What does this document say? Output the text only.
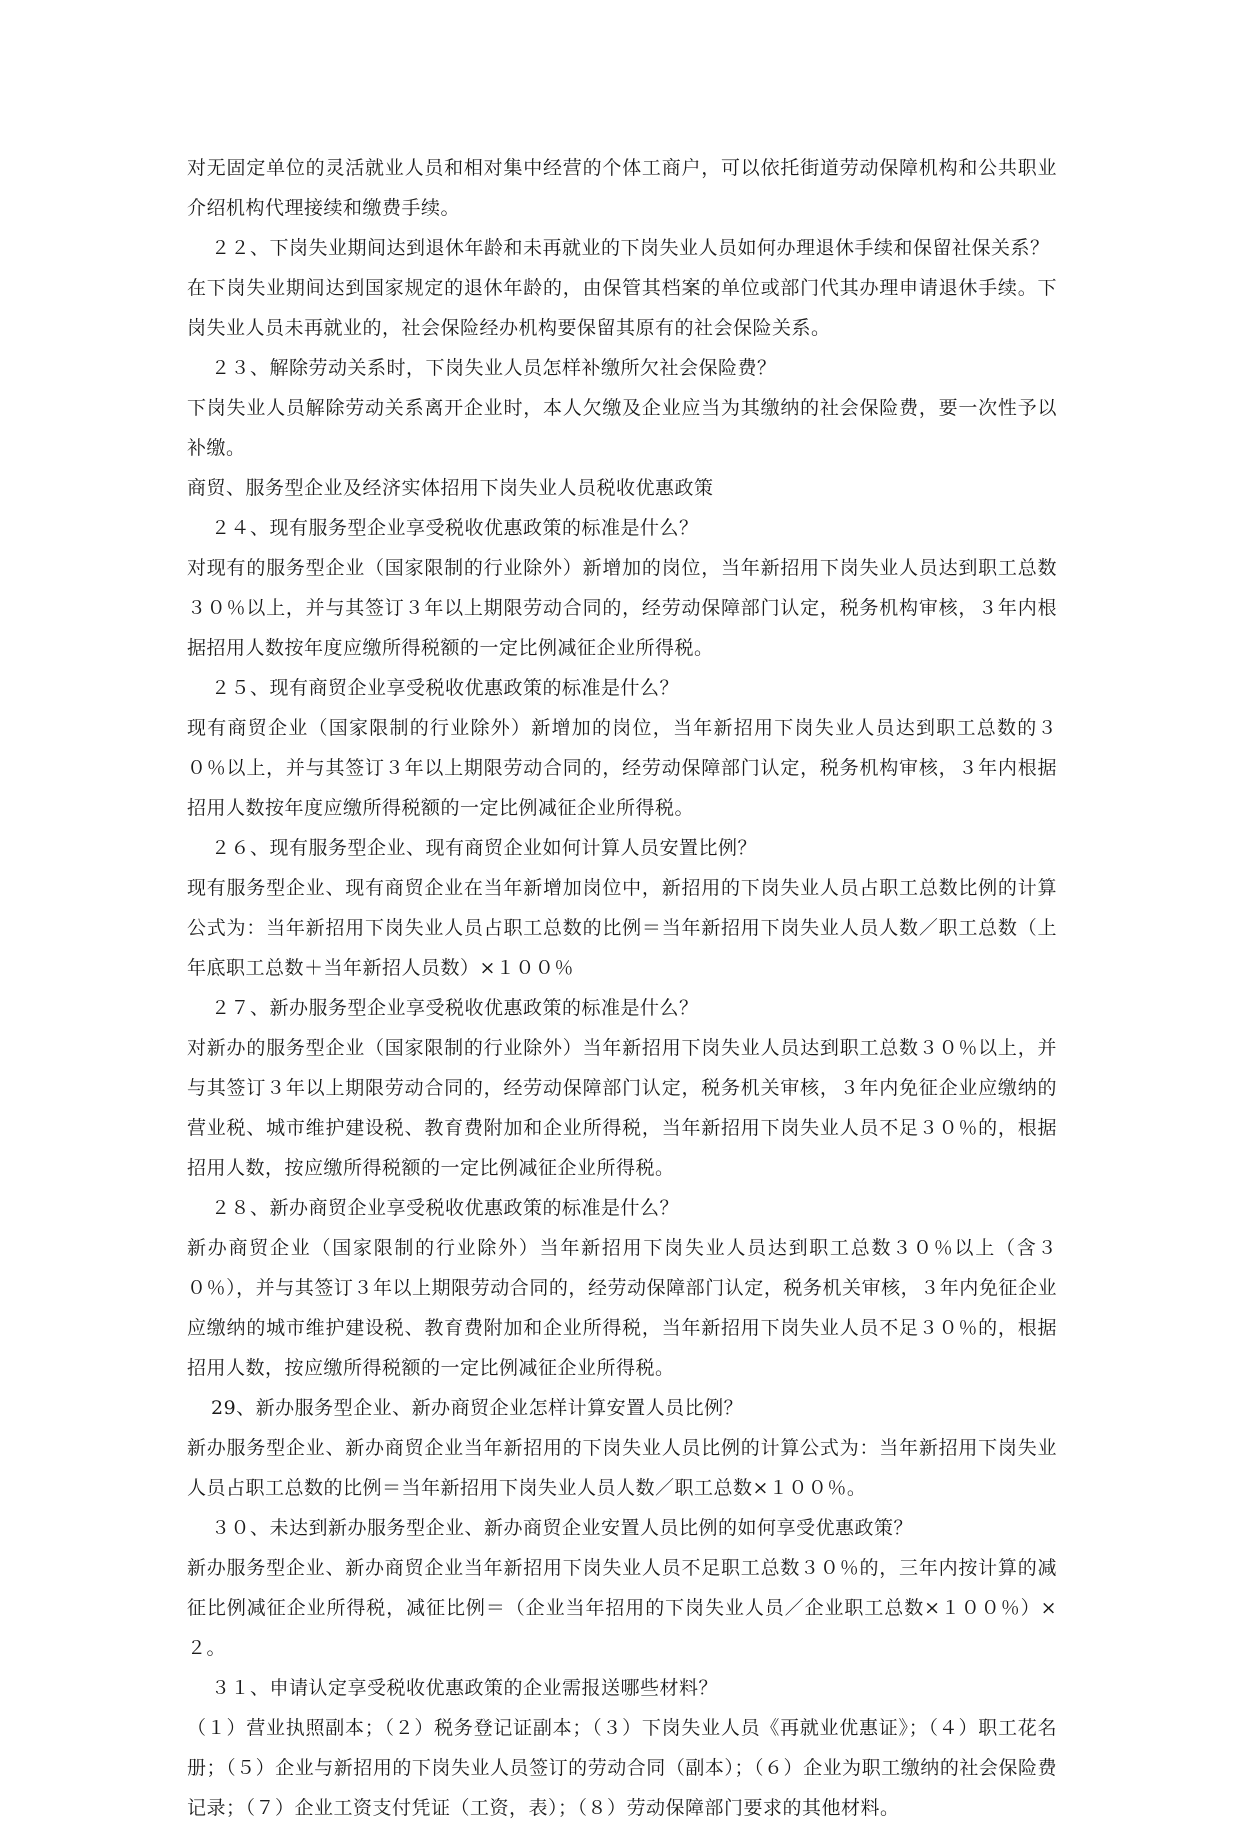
对无固定单位的灵活就业人员和相对集中经营的个体工商户，可以依托街道劳动保障机构和公共职业介绍机构代理接续和缴费手续。

２２、下岗失业期间达到退休年龄和未再就业的下岗失业人员如何办理退休手续和保留社保关系？

在下岗失业期间达到国家规定的退休年龄的，由保管其档案的单位或部门代其办理申请退休手续。下岗失业人员未再就业的，社会保险经办机构要保留其原有的社会保险关系。

２３、解除劳动关系时，下岗失业人员怎样补缴所欠社会保险费？

下岗失业人员解除劳动关系离开企业时，本人欠缴及企业应当为其缴纳的社会保险费，要一次性予以补缴。

商贸、服务型企业及经济实体招用下岗失业人员税收优惠政策

２４、现有服务型企业享受税收优惠政策的标准是什么？

对现有的服务型企业（国家限制的行业除外）新增加的岗位，当年新招用下岗失业人员达到职工总数３０％以上，并与其签订３年以上期限劳动合同的，经劳动保障部门认定，税务机构审核，３年内根据招用人数按年度应缴所得税额的一定比例减征企业所得税。

２５、现有商贸企业享受税收优惠政策的标准是什么？

现有商贸企业（国家限制的行业除外）新增加的岗位，当年新招用下岗失业人员达到职工总数的３０％以上，并与其签订３年以上期限劳动合同的，经劳动保障部门认定，税务机构审核，３年内根据招用人数按年度应缴所得税额的一定比例减征企业所得税。

２６、现有服务型企业、现有商贸企业如何计算人员安置比例？

现有服务型企业、现有商贸企业在当年新增加岗位中，新招用的下岗失业人员占职工总数比例的计算公式为：当年新招用下岗失业人员占职工总数的比例＝当年新招用下岗失业人员人数／职工总数（上年底职工总数＋当年新招人员数）×１００％

２７、新办服务型企业享受税收优惠政策的标准是什么？

对新办的服务型企业（国家限制的行业除外）当年新招用下岗失业人员达到职工总数３０％以上，并与其签订３年以上期限劳动合同的，经劳动保障部门认定，税务机关审核，３年内免征企业应缴纳的营业税、城市维护建设税、教育费附加和企业所得税，当年新招用下岗失业人员不足３０％的，根据招用人数，按应缴所得税额的一定比例减征企业所得税。

２８、新办商贸企业享受税收优惠政策的标准是什么？

新办商贸企业（国家限制的行业除外）当年新招用下岗失业人员达到职工总数３０％以上（含３０％），并与其签订３年以上期限劳动合同的，经劳动保障部门认定，税务机关审核，３年内免征企业应缴纳的城市维护建设税、教育费附加和企业所得税，当年新招用下岗失业人员不足３０％的，根据招用人数，按应缴所得税额的一定比例减征企业所得税。

29、新办服务型企业、新办商贸企业怎样计算安置人员比例？

新办服务型企业、新办商贸企业当年新招用的下岗失业人员比例的计算公式为：当年新招用下岗失业人员占职工总数的比例＝当年新招用下岗失业人员人数／职工总数×１００％。

３０、未达到新办服务型企业、新办商贸企业安置人员比例的如何享受优惠政策？

新办服务型企业、新办商贸企业当年新招用下岗失业人员不足职工总数３０％的，三年内按计算的减征比例减征企业所得税，减征比例＝（企业当年招用的下岗失业人员／企业职工总数×１００％）×２。

３１、申请认定享受税收优惠政策的企业需报送哪些材料？

（１）营业执照副本；（２）税务登记证副本；（３）下岗失业人员《再就业优惠证》；（４）职工花名册；（５）企业与新招用的下岗失业人员签订的劳动合同（副本）；（６）企业为职工缴纳的社会保险费记录；（７）企业工资支付凭证（工资，表）；（８）劳动保障部门要求的其他材料。
